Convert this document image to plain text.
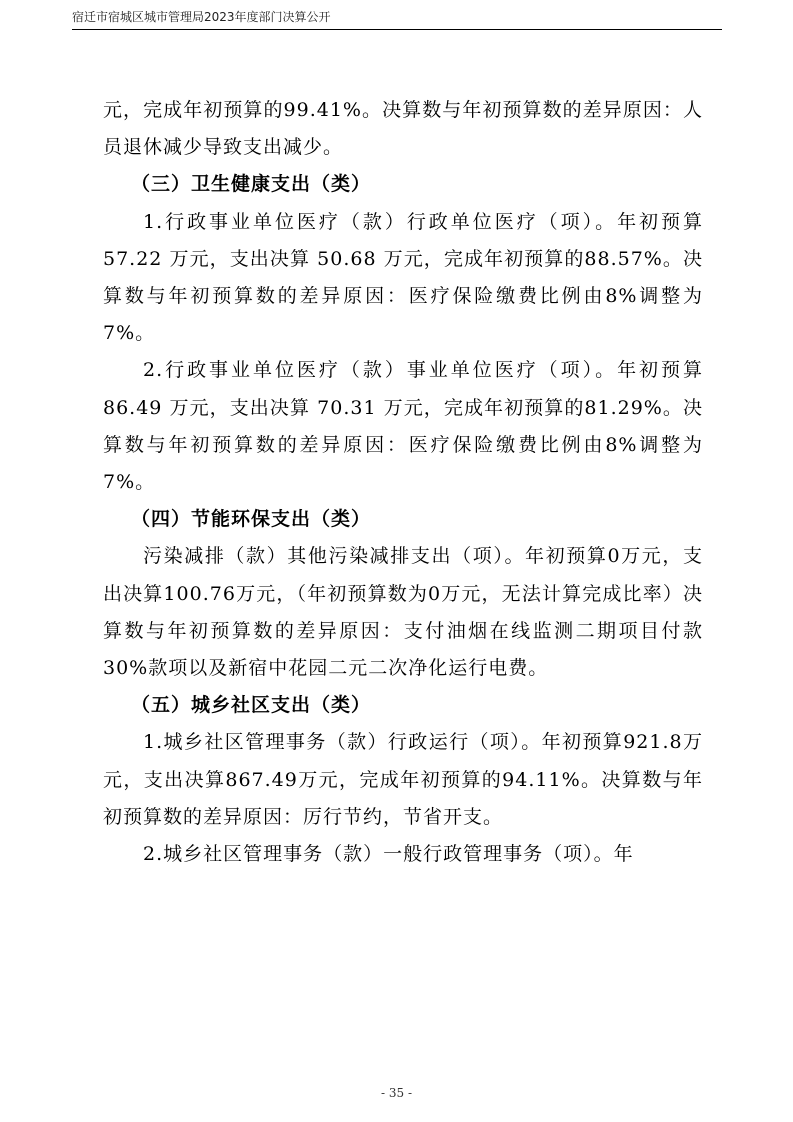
宿迁市宿城区城市管理局2023年度部门决算公开

元，完成年初预算的99.41%。决算数与年初预算数的差异原因：人员退休减少导致支出减少。

（三）卫生健康支出（类）

1.行政事业单位医疗（款）行政单位医疗（项）。年初预算 57.22 万元，支出决算 50.68 万元，完成年初预算的88.57%。决算数与年初预算数的差异原因：医疗保险缴费比例由8%调整为7%。

2.行政事业单位医疗（款）事业单位医疗（项）。年初预算 86.49 万元，支出决算 70.31 万元，完成年初预算的81.29%。决算数与年初预算数的差异原因：医疗保险缴费比例由8%调整为7%。

（四）节能环保支出（类）

污染减排（款）其他污染减排支出（项）。年初预算0万元，支出决算100.76万元，（年初预算数为0万元，无法计算完成比率）决算数与年初预算数的差异原因：支付油烟在线监测二期项目付款30%款项以及新宿中花园二元二次净化运行电费。

（五）城乡社区支出（类）

1.城乡社区管理事务（款）行政运行（项）。年初预算921.8万元，支出决算867.49万元，完成年初预算的94.11%。决算数与年初预算数的差异原因：厉行节约，节省开支。

2.城乡社区管理事务（款）一般行政管理事务（项）。年

- 35 -
